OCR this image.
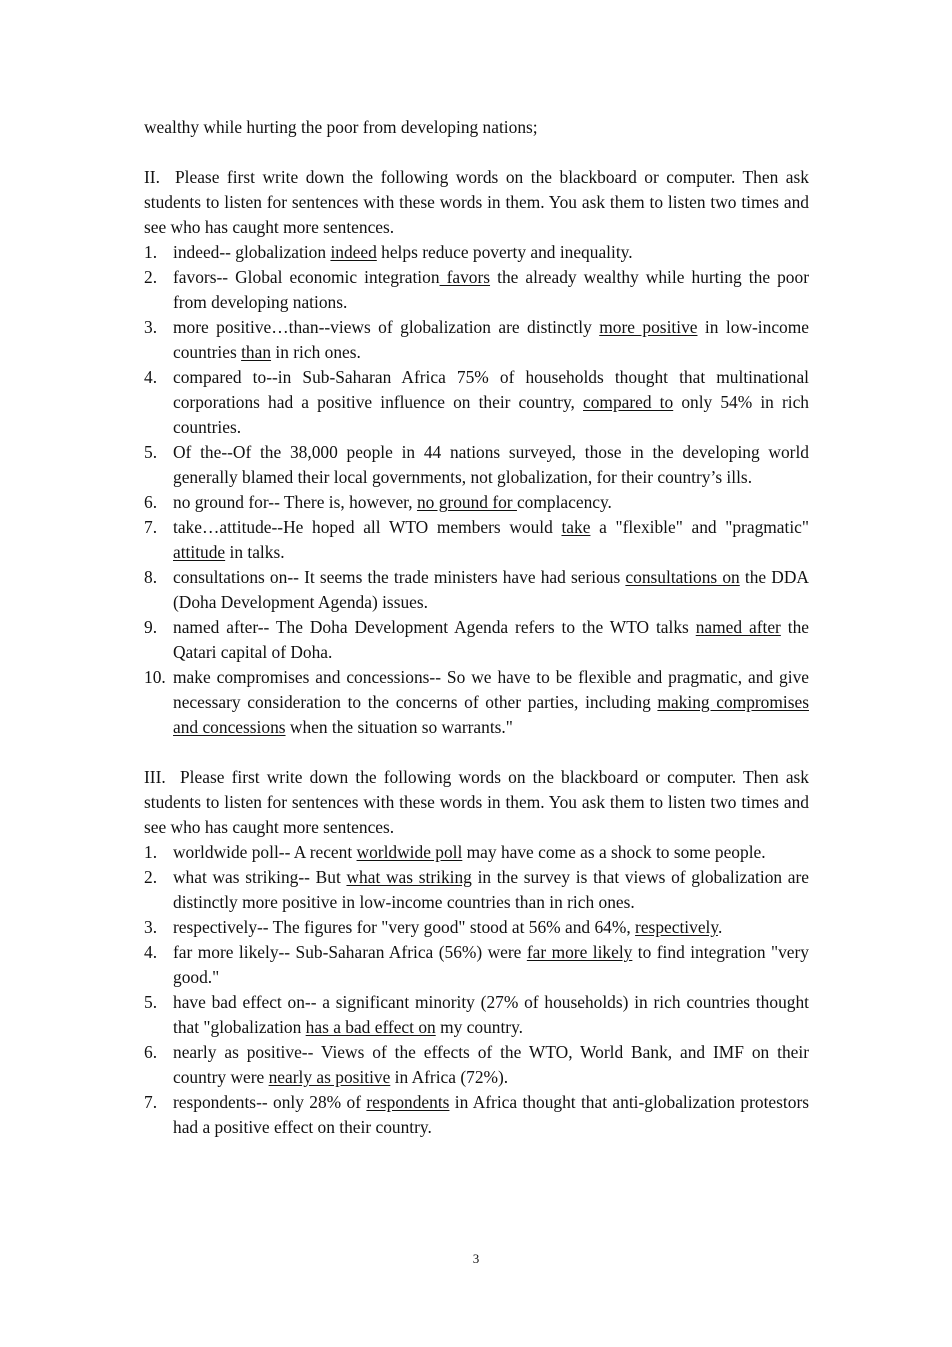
wealthy while hurting the poor from developing nations;

II. Please first write down the following words on the blackboard or computer. Then ask students to listen for sentences with these words in them. You ask them to listen two times and see who has caught more sentences.

1. indeed-- globalization indeed helps reduce poverty and inequality.
2. favors-- Global economic integration favors the already wealthy while hurting the poor from developing nations.
3. more positive…than--views of globalization are distinctly more positive in low-income countries than in rich ones.
4. compared to--in Sub-Saharan Africa 75% of households thought that multinational corporations had a positive influence on their country, compared to only 54% in rich countries.
5. Of the--Of the 38,000 people in 44 nations surveyed, those in the developing world generally blamed their local governments, not globalization, for their country’s ills.
6. no ground for-- There is, however, no ground for complacency.
7. take…attitude--He hoped all WTO members would take a "flexible" and "pragmatic" attitude in talks.
8. consultations on-- It seems the trade ministers have had serious consultations on the DDA (Doha Development Agenda) issues.
9. named after-- The Doha Development Agenda refers to the WTO talks named after the Qatari capital of Doha.
10. make compromises and concessions-- So we have to be flexible and pragmatic, and give necessary consideration to the concerns of other parties, including making compromises and concessions when the situation so warrants."

III. Please first write down the following words on the blackboard or computer. Then ask students to listen for sentences with these words in them. You ask them to listen two times and see who has caught more sentences.

1. worldwide poll-- A recent worldwide poll may have come as a shock to some people.
2. what was striking-- But what was striking in the survey is that views of globalization are distinctly more positive in low-income countries than in rich ones.
3. respectively-- The figures for "very good" stood at 56% and 64%, respectively.
4. far more likely-- Sub-Saharan Africa (56%) were far more likely to find integration "very good."
5. have bad effect on-- a significant minority (27% of households) in rich countries thought that "globalization has a bad effect on my country.
6. nearly as positive-- Views of the effects of the WTO, World Bank, and IMF on their country were nearly as positive in Africa (72%).
7. respondents-- only 28% of respondents in Africa thought that anti-globalization protestors had a positive effect on their country.
3
